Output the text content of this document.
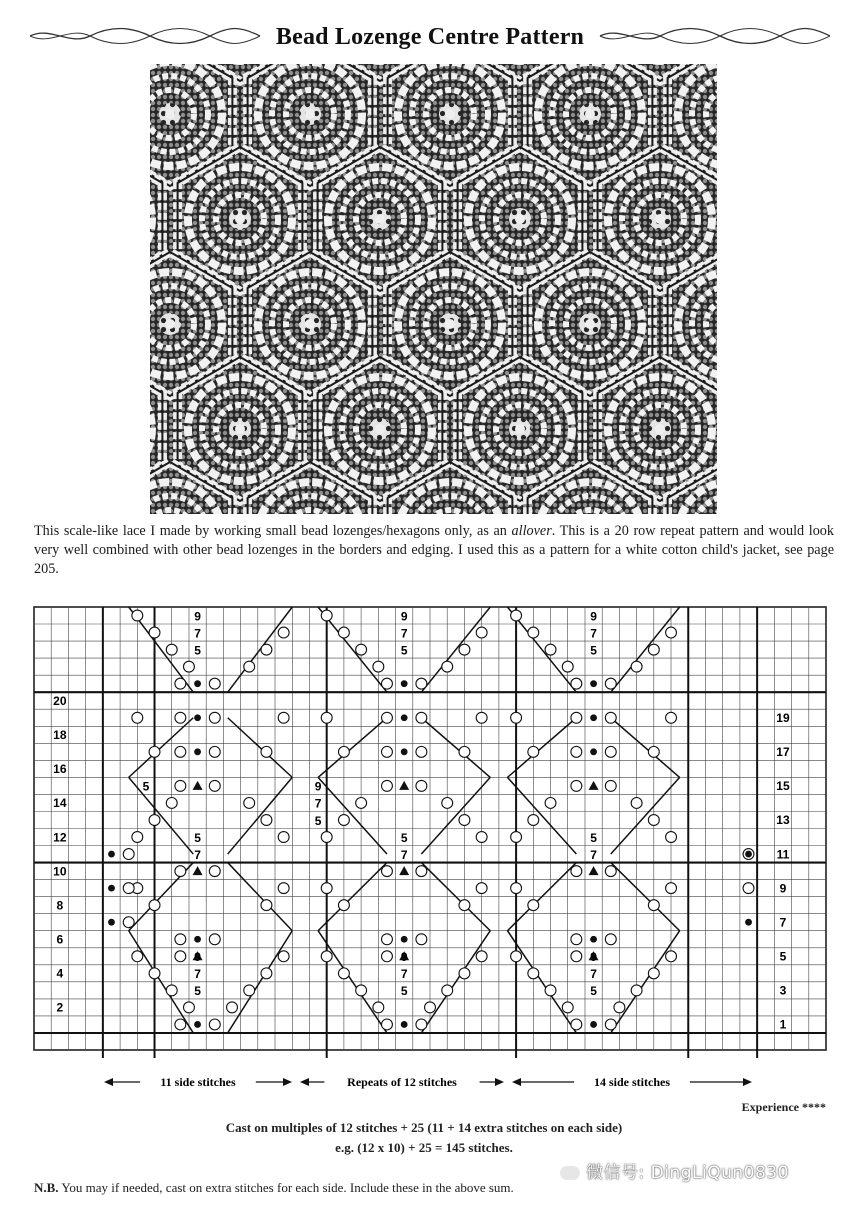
Bead Lozenge Centre Pattern
This scale-like lace I made by working small bead lozenges/hexagons only, as an allover. This is a 20 row repeat pattern and would look very well combined with other bead lozenges in the borders and edging. I used this as a pattern for a white cotton child's jacket, see page 205.
20
18
16
14
12
10
8
6
4
2
19
17
15
13
11
9
7
5
3
1
9
7
5
5
7
9
7
5
9
7
5
5
7
9
7
5
9
7
5
5
7
9
7
5
5	9
7
5
11 side stitches	Repeats of 12 stitches	14 side stitches
Experience ****
Cast on multiples of 12 stitches + 25 (11 + 14 extra stitches on each side)
e.g. (12 x 10) + 25 = 145 stitches.
N.B. You may if needed, cast on extra stitches for each side. Include these in the above sum.
微信号: DingLiQun0830
